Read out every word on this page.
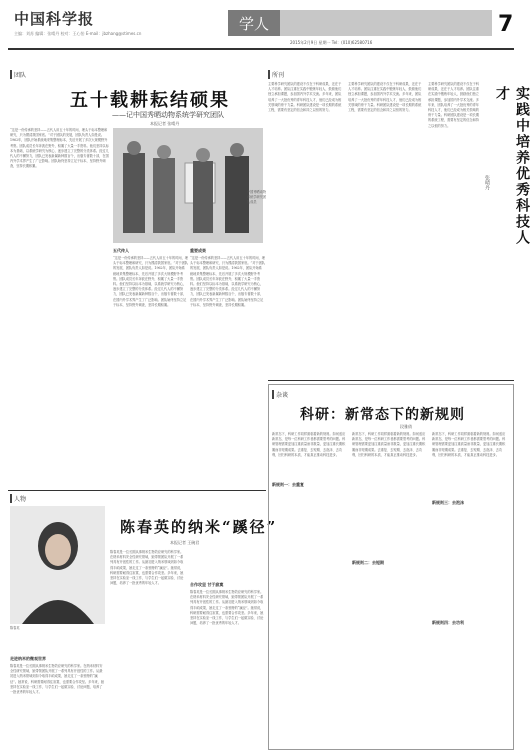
中国科学报
主编：刘苏 编辑：张晴丹 校对：王心怡 E-mail：jbzhang@stimes.cn
学人	7
2015年2月9日 星期一 Tel：(010)62580716
团队
五十载耕耘结硕果
——记中国秀晒动物系统学研究团队
本报记者 张晴丹
“这是一份传承的坚持——五代人用五十年的时间，埋头于标本整理和研究，只为摸清我国家底。”对于团队的发展，团队负责人如是说。1962年，团队开始系统地采集整理标本，先后开展了多次大规模野外考察。团队成员长年奔波在野外，积累了大量一手资料。他们坚持以标本为基础，以系统学研究为核心，逐步建立了完整的分类体系。经过几代人的不懈努力，团队已发表新属新种数百个，出版专著数十部，在国内外学术界产生了广泛影响。团队始终坚持立足于标本，坚持野外调查，坚持长期积累。
中国秀晒动物系统学研究团队成员
五代传人	重要成果
“这是一份传承的坚持——五代人用五十年的时间，埋头于标本整理和研究，只为摸清我国家底。”对于团队的发展，团队负责人如是说。1962年，团队开始系统地采集整理标本，先后开展了多次大规模野外考察。团队成员长年奔波在野外，积累了大量一手资料。他们坚持以标本为基础，以系统学研究为核心，逐步建立了完整的分类体系。经过几代人的不懈努力，团队已发表新属新种数百个，出版专著数十部，在国内外学术界产生了广泛影响。团队始终坚持立足于标本，坚持野外调查，坚持长期积累。
“这是一份传承的坚持——五代人用五十年的时间，埋头于标本整理和研究，只为摸清我国家底。”对于团队的发展，团队负责人如是说。1962年，团队开始系统地采集整理标本，先后开展了多次大规模野外考察。团队成员长年奔波在野外，积累了大量一手资料。他们坚持以标本为基础，以系统学研究为核心，逐步建立了完整的分类体系。经过几代人的不懈努力，团队已发表新属新种数百个，出版专著数十部，在国内外学术界产生了广泛影响。团队始终坚持立足于标本，坚持野外调查，坚持长期积累。
所刊
主要科学研究团队的建设不仅在于科研成果，还在于人才培养。团队注重在实践中锻炼年轻人，鼓励他们独立承担课题，参加国内外学术交流。多年来，团队培养了一大批优秀的青年科技人才，他们已经成为相关领域的骨干力量。科研团队建设是一项长期的系统工程，需要有坚定的信念和持之以恒的努力。
主要科学研究团队的建设不仅在于科研成果，还在于人才培养。团队注重在实践中锻炼年轻人，鼓励他们独立承担课题，参加国内外学术交流。多年来，团队培养了一大批优秀的青年科技人才，他们已经成为相关领域的骨干力量。科研团队建设是一项长期的系统工程，需要有坚定的信念和持之以恒的努力。
主要科学研究团队的建设不仅在于科研成果，还在于人才培养。团队注重在实践中锻炼年轻人，鼓励他们独立承担课题，参加国内外学术交流。多年来，团队培养了一大批优秀的青年科技人才，他们已经成为相关领域的骨干力量。科研团队建设是一项长期的系统工程，需要有坚定的信念和持之以恒的努力。	实践中培养优秀科技人才
张晴丹
人物
陈春英
陈春英的纳米“蹊径”
本报记者 王碗君
走进纳米的微观世界
陈春英是一位长期从事纳米生物效应研究的科学家。在纳米材料安全性研究领域，她带领团队开展了一系列具有开创性的工作。从最初进入纳米领域到如今取得丰硕成果，她走过了一条独特的“蹊径”。她常说，科研需要耐得住寂寞，也需要合作攻坚。多年来，她坚持在实验室一线工作，与学生们一起做实验、讨论问题，培养了一批优秀的年轻人才。
陈春英是一位长期从事纳米生物效应研究的科学家。在纳米材料安全性研究领域，她带领团队开展了一系列具有开创性的工作。从最初进入纳米领域到如今取得丰硕成果，她走过了一条独特的“蹊径”。她常说，科研需要耐得住寂寞，也需要合作攻坚。多年来，她坚持在实验室一线工作，与学生们一起做实验、讨论问题，培养了一批优秀的年轻人才。	合作攻坚 甘于寂寞
陈春英是一位长期从事纳米生物效应研究的科学家。在纳米材料安全性研究领域，她带领团队开展了一系列具有开创性的工作。从最初进入纳米领域到如今取得丰硕成果，她走过了一条独特的“蹊径”。她常说，科研需要耐得住寂寞，也需要合作攻坚。多年来，她坚持在实验室一线工作，与学生们一起做实验、讨论问题，培养了一批优秀的年轻人才。
杂谈
科研：新常态下的新规则
段雅倩
新常态下，科研工作同样面临着新的规则。如何适应新常态，是每一位科研工作者都需要思考的问题。科研管理需要更加注重质量而非数量，更加注重长期积累而非短期成果。去重复、去短期、去泡沫、去功利，回归科研的本质，才能真正推动科技进步。
新规则一：去重复
新常态下，科研工作同样面临着新的规则。如何适应新常态，是每一位科研工作者都需要思考的问题。科研管理需要更加注重质量而非数量，更加注重长期积累而非短期成果。去重复、去短期、去泡沫、去功利，回归科研的本质，才能真正推动科技进步。
新规则二：去短期
新常态下，科研工作同样面临着新的规则。如何适应新常态，是每一位科研工作者都需要思考的问题。科研管理需要更加注重质量而非数量，更加注重长期积累而非短期成果。去重复、去短期、去泡沫、去功利，回归科研的本质，才能真正推动科技进步。
新规则三：去泡沫
新规则四：去功利
